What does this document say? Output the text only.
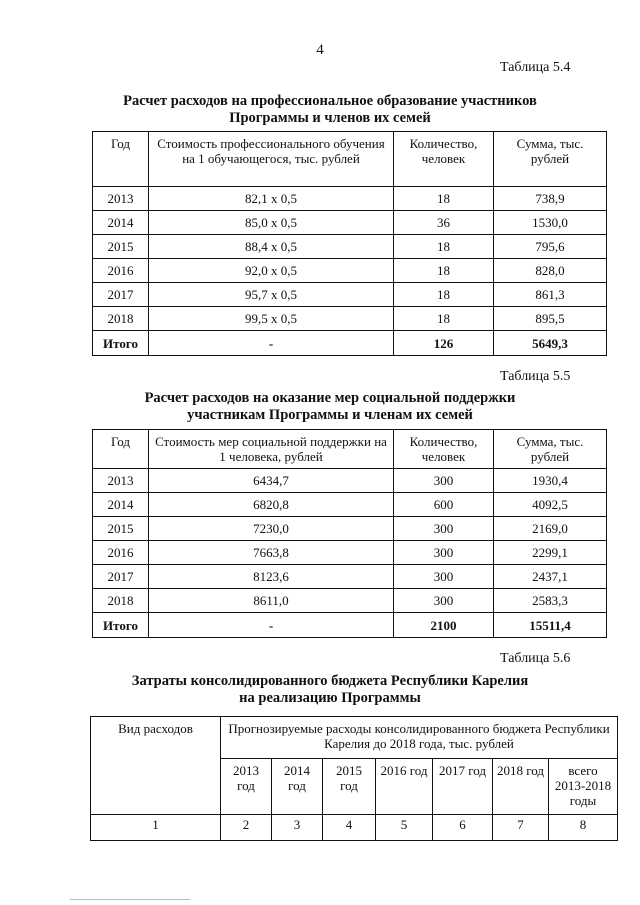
4
Таблица 5.4
Расчет расходов на профессиональное образование участников
Программы и членов их семей
Год	Стоимость профессионального обучения на 1 обучающегося, тыс. рублей	Количество, человек	Сумма, тыс. рублей
2013	82,1 х 0,5	18	738,9
2014	85,0 х 0,5	36	1530,0
2015	88,4 х 0,5	18	795,6
2016	92,0 х 0,5	18	828,0
2017	95,7 х 0,5	18	861,3
2018	99,5 х 0,5	18	895,5
Итого	-	126	5649,3
Таблица 5.5
Расчет расходов на оказание мер социальной поддержки
участникам Программы и членам их семей
Год	Стоимость мер социальной поддержки на 1 человека, рублей	Количество, человек	Сумма, тыс. рублей
2013	6434,7	300	1930,4
2014	6820,8	600	4092,5
2015	7230,0	300	2169,0
2016	7663,8	300	2299,1
2017	8123,6	300	2437,1
2018	8611,0	300	2583,3
Итого	-	2100	15511,4
Таблица 5.6
Затраты консолидированного бюджета Республики Карелия
на реализацию Программы
Вид расходов	Прогнозируемые расходы консолидированного бюджета Республики Карелия до 2018 года, тыс. рублей						
	2013 год	2014 год	2015 год	2016 год	2017 год	2018 год	всего 2013-2018 годы
1	2	3	4	5	6	7	8
